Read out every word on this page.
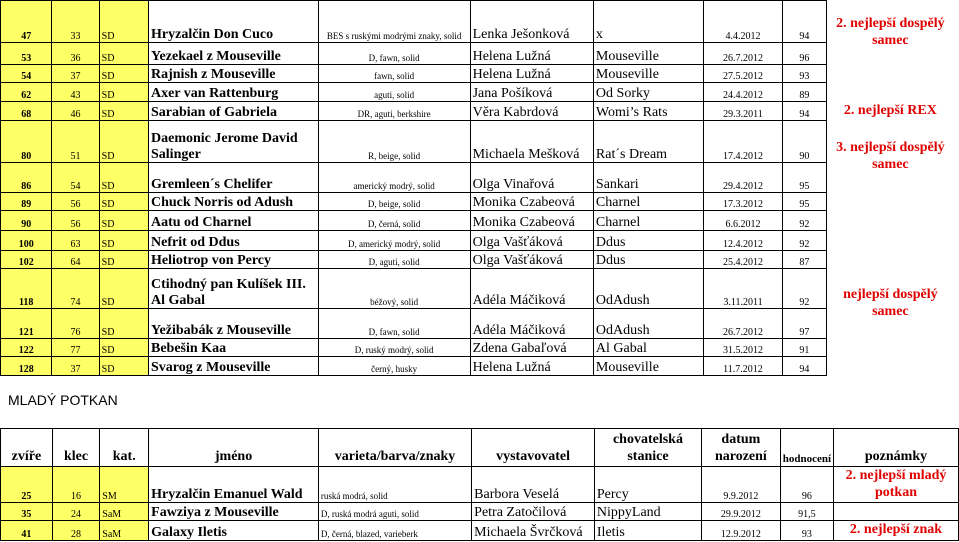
47	33	SD	Hryzalčin Don Cuco	BES s ruskými modrými znaky, solid	Lenka Ješonková	x	4.4.2012	94	2. nejlepší dospělý samec	
53	36	SD	Yezekael z Mouseville	D, fawn, solid	Helena Lužná	Mouseville	26.7.2012	96		
54	37	SD	Rajnish z Mouseville	fawn, solid	Helena Lužná	Mouseville	27.5.2012	93		
62	43	SD	Axer van Rattenburg	aguti, solid	Jana Pošíková	Od Sorky	24.4.2012	89		
68	46	SD	Sarabian of Gabriela	DR, aguti, berkshire	Věra Kabrdová	Womi’s Rats	29.3.2011	94	2. nejlepší REX	
80	51	SD	Daemonic Jerome David Salinger	R, beige, solid	Michaela Mešková	Rat´s Dream	17.4.2012	90	3. nejlepší dospělý samec	
86	54	SD	Gremleen´s Chelifer	americký modrý, solid	Olga Vinařová	Sankari	29.4.2012	95		
89	56	SD	Chuck Norris od Adush	D, beige, solid	Monika Czabeová	Charnel	17.3.2012	95		
90	56	SD	Aatu od Charnel	D, černá, solid	Monika Czabeová	Charnel	6.6.2012	92		
100	63	SD	Nefrit od Ddus	D, americký modrý, solid	Olga Vašťáková	Ddus	12.4.2012	92		
102	64	SD	Heliotrop von Percy	D, aguti, solid	Olga Vašťáková	Ddus	25.4.2012	87		
118	74	SD	Ctihodný pan Kulíšek III. Al Gabal	béžový, solid	Adéla Máčiková	OdAdush	3.11.2011	92	nejlepší dospělý samec	
121	76	SD	Yežibabák z Mouseville	D, fawn, solid	Adéla Máčiková	OdAdush	26.7.2012	97		
122	77	SD	Bebešin Kaa	D, ruský modrý, solid	Zdena Gabaľová	Al Gabal	31.5.2012	91		
128	37	SD	Svarog z Mouseville	černý, husky	Helena Lužná	Mouseville	11.7.2012	94		
MLADÝ POTKAN
zvíře	klec	kat.	jméno	varieta/barva/znaky	vystavovatel	chovatelská stanice	datum narození	hodnocení	poznámky
25	16	SM	Hryzalčin Emanuel Wald	ruská modrá, solid	Barbora Veselá	Percy	9.9.2012	96	2. nejlepší mladý potkan
35	24	SaM	Fawziya z Mouseville	D, ruská modrá aguti, solid	Petra Zatočilová	NippyLand	29.9.2012	91,5	
41	28	SaM	Galaxy Iletis	D, černá, blazed, varieberk	Michaela Švrčková	Iletis	12.9.2012	93	2. nejlepší znak
